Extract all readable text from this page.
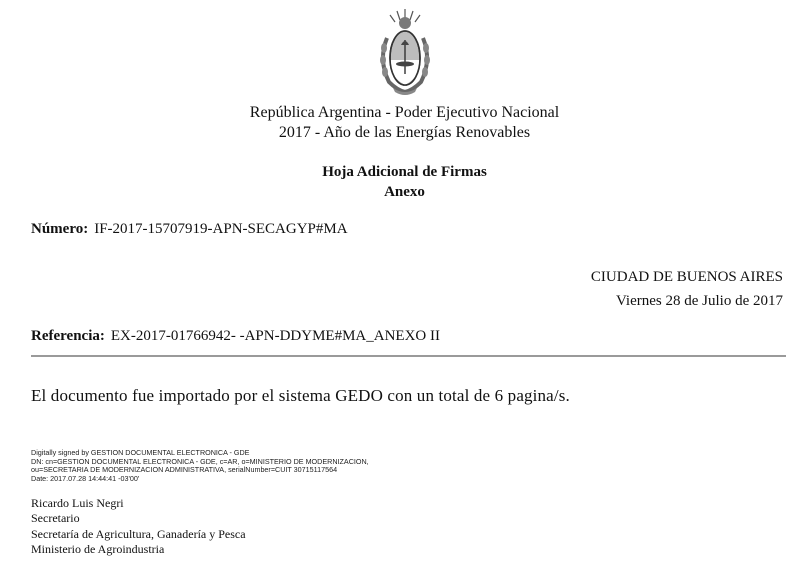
República Argentina - Poder Ejecutivo Nacional
2017 - Año de las Energías Renovables
Hoja Adicional de Firmas
Anexo
Número: IF-2017-15707919-APN-SECAGYP#MA
CIUDAD DE BUENOS AIRES
Viernes 28 de Julio de 2017
Referencia: EX-2017-01766942- -APN-DDYME#MA_ANEXO II
El documento fue importado por el sistema GEDO con un total de 6 pagina/s.
Digitally signed by GESTION DOCUMENTAL ELECTRONICA - GDE
DN: cn=GESTION DOCUMENTAL ELECTRONICA - GDE, c=AR, o=MINISTERIO DE MODERNIZACION,
ou=SECRETARIA DE MODERNIZACION ADMINISTRATIVA, serialNumber=CUIT 30715117564
Date: 2017.07.28 14:44:41 -03'00'
Ricardo Luis Negri
Secretario
Secretaría de Agricultura, Ganadería y Pesca
Ministerio de Agroindustria
